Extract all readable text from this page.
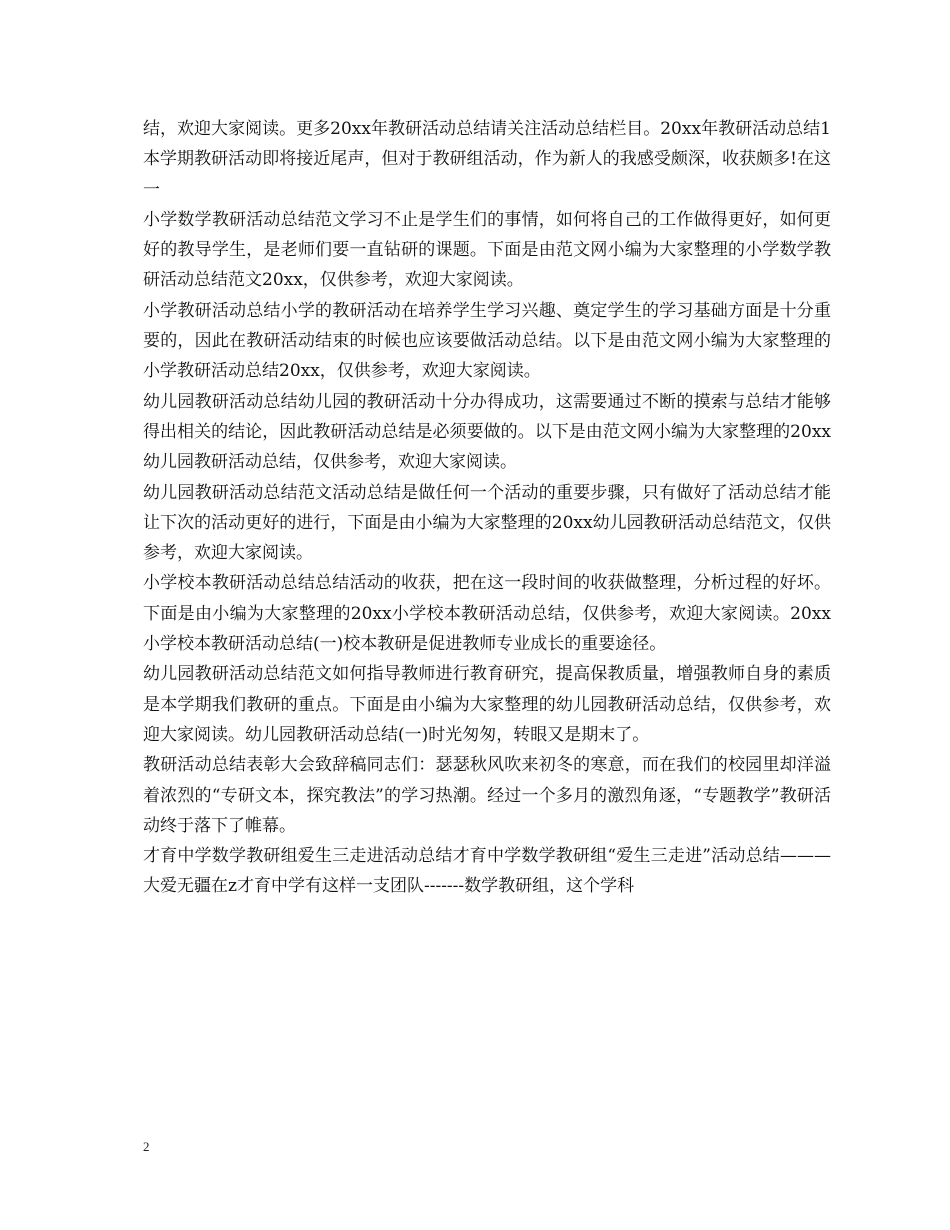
结，欢迎大家阅读。更多20xx年教研活动总结请关注活动总结栏目。20xx年教研活动总结1本学期教研活动即将接近尾声，但对于教研组活动，作为新人的我感受颇深，收获颇多!在这一

小学数学教研活动总结范文学习不止是学生们的事情，如何将自己的工作做得更好，如何更好的教导学生，是老师们要一直钻研的课题。下面是由范文网小编为大家整理的小学数学教研活动总结范文20xx，仅供参考，欢迎大家阅读。

小学教研活动总结小学的教研活动在培养学生学习兴趣、奠定学生的学习基础方面是十分重要的，因此在教研活动结束的时候也应该要做活动总结。以下是由范文网小编为大家整理的小学教研活动总结20xx，仅供参考，欢迎大家阅读。

幼儿园教研活动总结幼儿园的教研活动十分办得成功，这需要通过不断的摸索与总结才能够得出相关的结论，因此教研活动总结是必须要做的。以下是由范文网小编为大家整理的20xx幼儿园教研活动总结，仅供参考，欢迎大家阅读。

幼儿园教研活动总结范文活动总结是做任何一个活动的重要步骤，只有做好了活动总结才能让下次的活动更好的进行，下面是由小编为大家整理的20xx幼儿园教研活动总结范文，仅供参考，欢迎大家阅读。

小学校本教研活动总结总结活动的收获，把在这一段时间的收获做整理，分析过程的好坏。下面是由小编为大家整理的20xx小学校本教研活动总结，仅供参考，欢迎大家阅读。20xx小学校本教研活动总结(一)校本教研是促进教师专业成长的重要途径。

幼儿园教研活动总结范文如何指导教师进行教育研究，提高保教质量，增强教师自身的素质是本学期我们教研的重点。下面是由小编为大家整理的幼儿园教研活动总结，仅供参考，欢迎大家阅读。幼儿园教研活动总结(一)时光匆匆，转眼又是期末了。

教研活动总结表彰大会致辞稿同志们：瑟瑟秋风吹来初冬的寒意，而在我们的校园里却洋溢着浓烈的“专研文本，探究教法”的学习热潮。经过一个多月的激烈角逐，“专题教学”教研活动终于落下了帷幕。

才育中学数学教研组爱生三走进活动总结才育中学数学教研组“爱生三走进”活动总结———大爱无疆在z才育中学有这样一支团队-------数学教研组，这个学科

2
